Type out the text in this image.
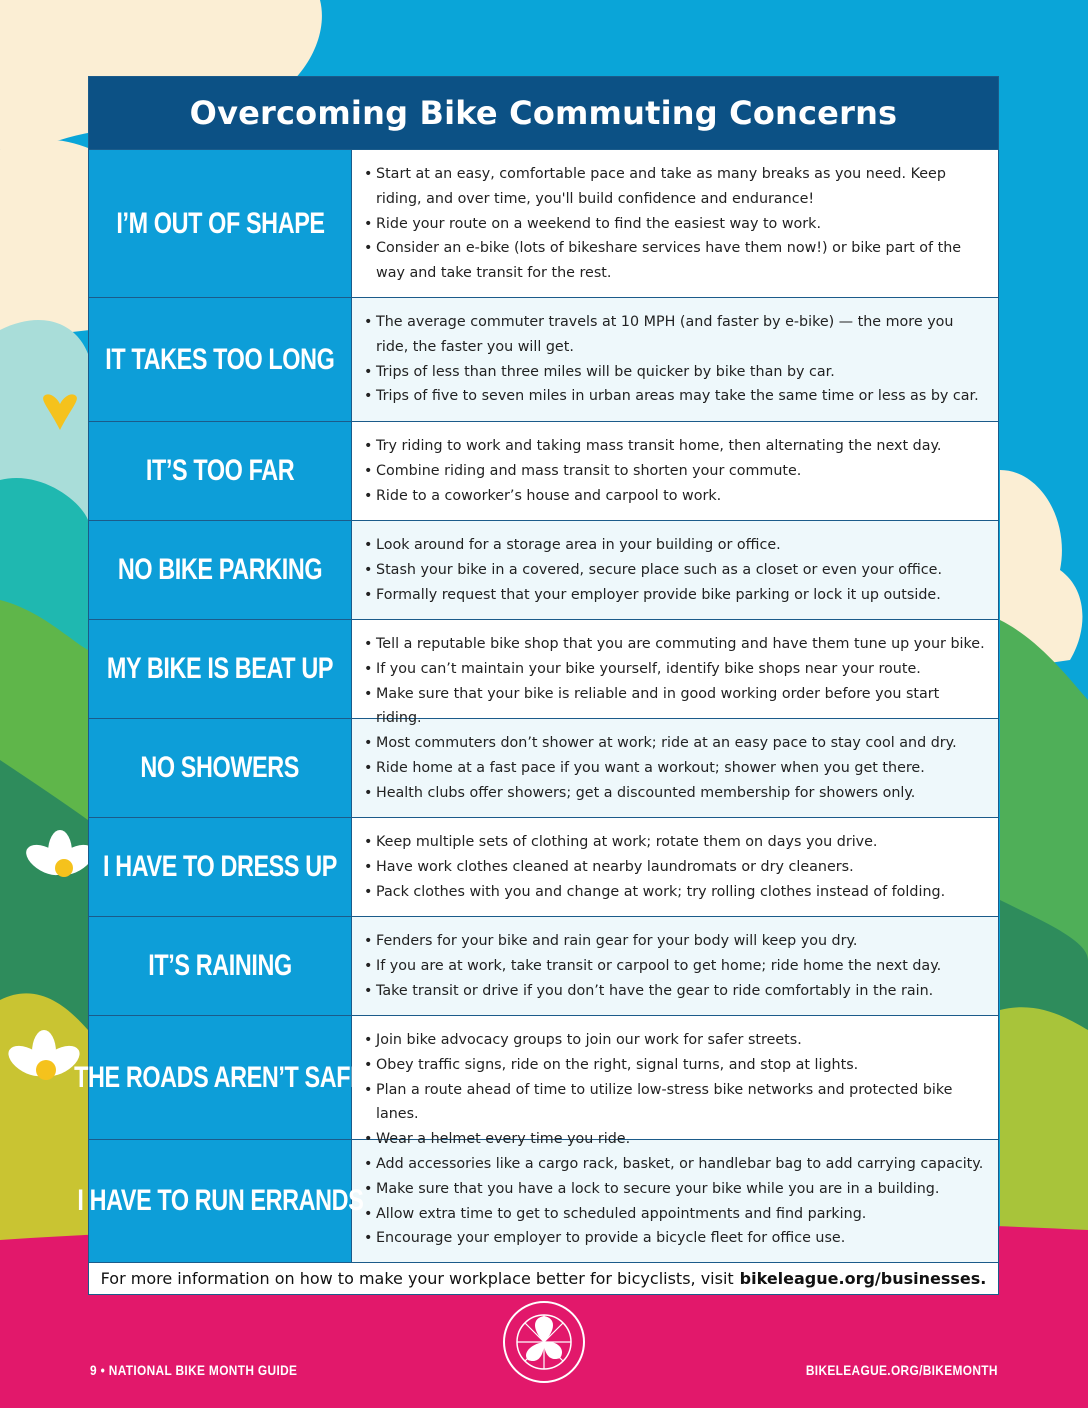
Overcoming Bike Commuting Concerns
I’M OUT OF SHAPE
• Start at an easy, comfortable pace and take as many breaks as you need. Keep riding, and over time, you'll build confidence and endurance!
• Ride your route on a weekend to find the easiest way to work.
• Consider an e-bike (lots of bikeshare services have them now!) or bike part of the way and take transit for the rest.
IT TAKES TOO LONG
• The average commuter travels at 10 MPH (and faster by e-bike) — the more you ride, the faster you will get.
• Trips of less than three miles will be quicker by bike than by car.
• Trips of five to seven miles in urban areas may take the same time or less as by car.
IT’S TOO FAR
• Try riding to work and taking mass transit home, then alternating the next day.
• Combine riding and mass transit to shorten your commute.
• Ride to a coworker’s house and carpool to work.
NO BIKE PARKING
• Look around for a storage area in your building or office.
• Stash your bike in a covered, secure place such as a closet or even your office.
• Formally request that your employer provide bike parking or lock it up outside.
MY BIKE IS BEAT UP
• Tell a reputable bike shop that you are commuting and have them tune up your bike.
• If you can’t maintain your bike yourself, identify bike shops near your route.
• Make sure that your bike is reliable and in good working order before you start riding.
NO SHOWERS
• Most commuters don’t shower at work; ride at an easy pace to stay cool and dry.
• Ride home at a fast pace if you want a workout; shower when you get there.
• Health clubs offer showers; get a discounted membership for showers only.
I HAVE TO DRESS UP
• Keep multiple sets of clothing at work; rotate them on days you drive.
• Have work clothes cleaned at nearby laundromats or dry cleaners.
• Pack clothes with you and change at work; try rolling clothes instead of folding.
IT’S RAINING
• Fenders for your bike and rain gear for your body will keep you dry.
• If you are at work, take transit or carpool to get home; ride home the next day.
• Take transit or drive if you don’t have the gear to ride comfortably in the rain.
THE ROADS AREN’T SAFE
• Join bike advocacy groups to join our work for safer streets.
• Obey traffic signs, ride on the right, signal turns, and stop at lights.
• Plan a route ahead of time to utilize low-stress bike networks and protected bike lanes.
• Wear a helmet every time you ride.
I HAVE TO RUN ERRANDS
• Add accessories like a cargo rack, basket, or handlebar bag to add carrying capacity.
• Make sure that you have a lock to secure your bike while you are in a building.
• Allow extra time to get to scheduled appointments and find parking.
• Encourage your employer to provide a bicycle fleet for office use.
For more information on how to make your workplace better for bicyclists, visit bikeleague.org/businesses.
9 • NATIONAL BIKE MONTH GUIDE	BIKELEAGUE.ORG/BIKEMONTH
